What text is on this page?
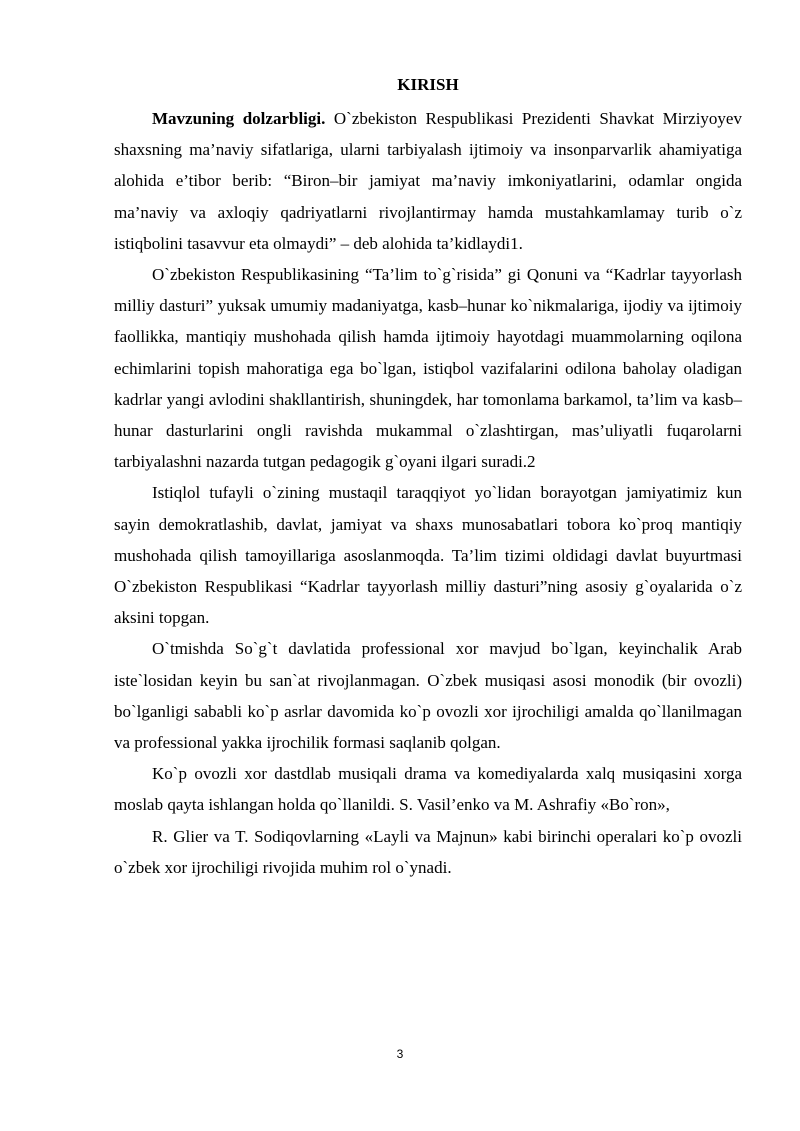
KIRISH

Mavzuning dolzarbligi. O`zbekiston Respublikasi Prezidenti Shavkat Mirziyoyev shaxsning ma’naviy sifatlariga, ularni tarbiyalash ijtimoiy va insonparvarlik ahamiyatiga alohida e’tibor berib: “Biron–bir jamiyat ma’naviy imkoniyatlarini, odamlar ongida ma’naviy va axloqiy qadriyatlarni rivojlantirmay hamda mustahkamlamay turib o`z istiqbolini tasavvur eta olmaydi” – deb alohida ta’kidlaydi1.

O`zbekiston Respublikasining “Ta’lim to`g`risida” gi Qonuni va “Kadrlar tayyorlash milliy dasturi” yuksak umumiy madaniyatga, kasb–hunar ko`nikmalariga, ijodiy va ijtimoiy faollikka, mantiqiy mushohada qilish hamda ijtimoiy hayotdagi muammolarning oqilona echimlarini topish mahoratiga ega bo`lgan, istiqbol vazifalarini odilona baholay oladigan kadrlar yangi avlodini shakllantirish, shuningdek, har tomonlama barkamol, ta’lim va kasb–hunar dasturlarini ongli ravishda mukammal o`zlashtirgan, mas’uliyatli fuqarolarni tarbiyalashni nazarda tutgan pedagogik g`oyani ilgari suradi.2

Istiqlol tufayli o`zining mustaqil taraqqiyot yo`lidan borayotgan jamiyatimiz kun sayin demokratlashib, davlat, jamiyat va shaxs munosabatlari tobora ko`proq mantiqiy mushohada qilish tamoyillariga asoslanmoqda. Ta’lim tizimi oldidagi davlat buyurtmasi O`zbekiston Respublikasi “Kadrlar tayyorlash milliy dasturi”ning asosiy g`oyalarida o`z aksini topgan.

O`tmishda So`g`t davlatida professional xor mavjud bo`lgan, keyinchalik Arab iste`losidan keyin bu san`at rivojlanmagan. O`zbek musiqasi asosi monodik (bir ovozli) bo`lganligi sababli ko`p asrlar davomida ko`p ovozli xor ijrochiligi amalda qo`llanilmagan va professional yakka ijrochilik formasi saqlanib qolgan.

Ko`p ovozli xor dastdlab musiqali drama va komediyalarda xalq musiqasini xorga moslab qayta ishlangan holda qo`llanildi. S. Vasil’enko va M. Ashrafiy «Bo`ron»,

R. Glier va T. Sodiqovlarning «Layli va Majnun» kabi birinchi operalari ko`p ovozli o`zbek xor ijrochiligi rivojida muhim rol o`ynadi.

3
